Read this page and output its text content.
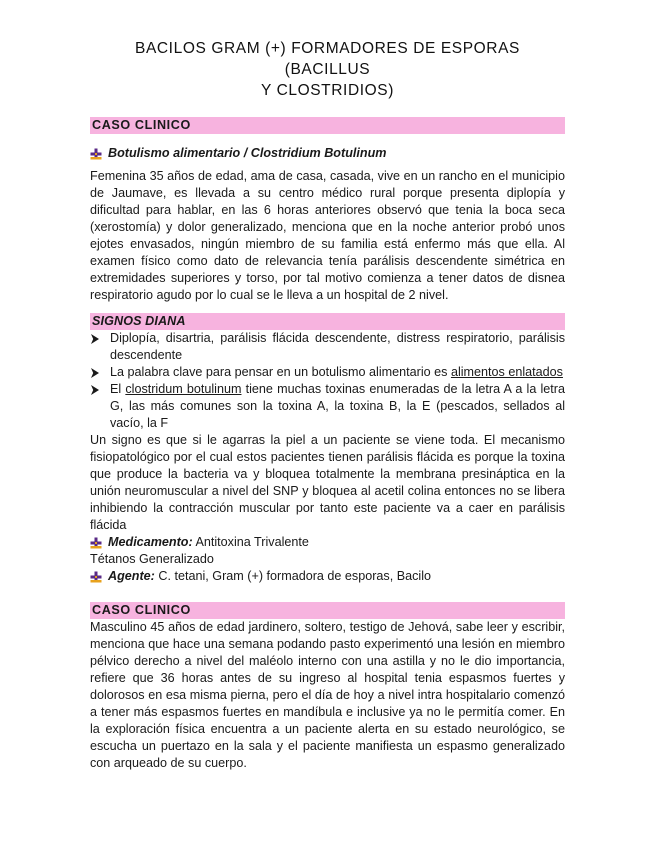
BACILOS GRAM (+) FORMADORES DE ESPORAS (BACILLUS
Y CLOSTRIDIOS)
CASO CLINICO
Botulismo alimentario / Clostridium Botulinum

Femenina 35 años de edad, ama de casa, casada, vive en un rancho en el municipio de Jaumave, es llevada a su centro médico rural porque presenta diplopía y dificultad para hablar, en las 6 horas anteriores observó que tenia la boca seca (xerostomía) y dolor generalizado, menciona que en la noche anterior probó unos ejotes envasados, ningún miembro de su familia está enfermo más que ella. Al examen físico como dato de relevancia tenía parálisis descendente simétrica en extremidades superiores y torso, por tal motivo comienza a tener datos de disnea respiratorio agudo por lo cual se le lleva a un hospital de 2 nivel.

SIGNOS DIANA
Diplopía, disartria, parálisis flácida descendente, distress respiratorio, parálisis descendente
La palabra clave para pensar en un botulismo alimentario es alimentos enlatados
El clostridum botulinum tiene muchas toxinas enumeradas de la letra A a la letra G, las más comunes son la toxina A, la toxina B, la E (pescados, sellados al vacío, la F

Un signo es que si le agarras la piel a un paciente se viene toda. El mecanismo fisiopatológico por el cual estos pacientes tienen parálisis flácida es porque la toxina que produce la bacteria va y bloquea totalmente la membrana presináptica en la unión neuromuscular a nivel del SNP y bloquea al acetil colina entonces no se libera inhibiendo la contracción muscular por tanto este paciente va a caer en parálisis flácida

Medicamento: Antitoxina Trivalente
Tétanos Generalizado
Agente: C. tetani, Gram (+) formadora de esporas, Bacilo
CASO CLINICO

Masculino 45 años de edad jardinero, soltero, testigo de Jehová, sabe leer y escribir, menciona que hace una semana podando pasto experimentó una lesión en miembro pélvico derecho a nivel del maléolo interno con una astilla y no le dio importancia, refiere que 36 horas antes de su ingreso al hospital tenia espasmos fuertes y dolorosos en esa misma pierna, pero el día de hoy a nivel intra hospitalario comenzó a tener más espasmos fuertes en mandíbula e inclusive ya no le permitía comer. En la exploración física encuentra a un paciente alerta en su estado neurológico, se escucha un puertazo en la sala y el paciente manifiesta un espasmo generalizado con arqueado de su cuerpo.
